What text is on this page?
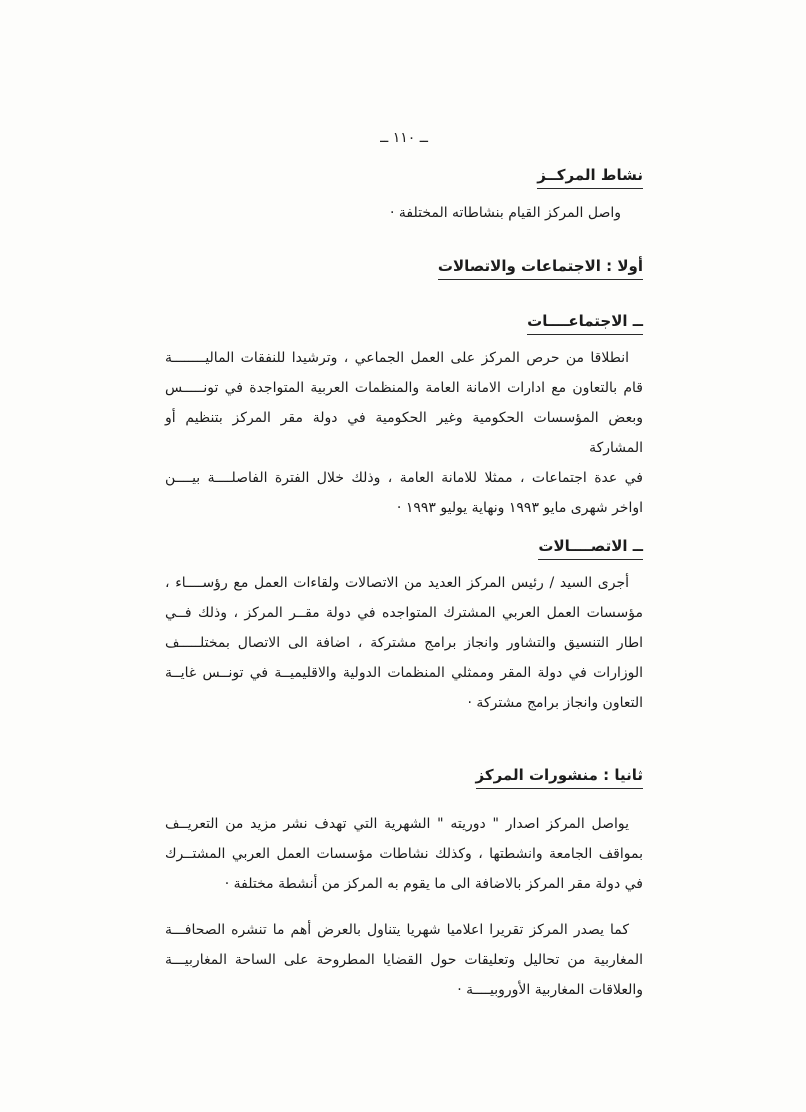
ــ ١١٠ ــ
نشاط المركــز
واصل المركز القيام بنشاطاته المختلفة ·
أولا : الاجتماعات والاتصالات
ــ الاجتماعــــات
انطلاقا من حرص المركز على العمل الجماعي ، وترشيدا للنفقات الماليــــــــة
قام بالتعاون مع ادارات الامانة العامة والمنظمات العربية المتواجدة في تونـــــس
وبعض المؤسسات الحكومية وغير الحكومية في دولة مقر المركز بتنظيم أو المشاركة
في عدة اجتماعات ، ممثلا للامانة العامة ، وذلك خلال الفترة الفاصلــــة بيــــن
اواخر شهرى مايو ١٩٩٣ ونهاية يوليو ١٩٩٣ ·
ــ الاتصــــالات
أجرى السيد / رئيس المركز العديد من الاتصالات ولقاءات العمل مع رؤســــاء ،
مؤسسات العمل العربي المشترك المتواجده في دولة مقــر المركز ، وذلك فــي
اطار التنسيق والتشاور وانجاز برامج مشتركة ، اضافة الى الاتصال بمختلـــــف
الوزارات في دولة المقر وممثلي المنظمات الدولية والاقليميــة في تونــس غايــة
التعاون وانجاز برامج مشتركة ·
ثانيا : منشورات المركز
يواصل المركز اصدار " دوريته " الشهرية التي تهدف نشر مزيد من التعريــف
بمواقف الجامعة وانشطتها ، وكذلك نشاطات مؤسسات العمل العربي المشتــرك
في دولة مقر المركز بالاضافة الى ما يقوم به المركز من أنشطة مختلفة ·
كما يصدر المركز تقريرا اعلاميا شهريا يتناول بالعرض أهم ما تنشره الصحافـــة
المغاربية من تحاليل وتعليقات حول القضايا المطروحة على الساحة المغاربيـــة
والعلاقات المغاربية الأوروبيــــة ·
